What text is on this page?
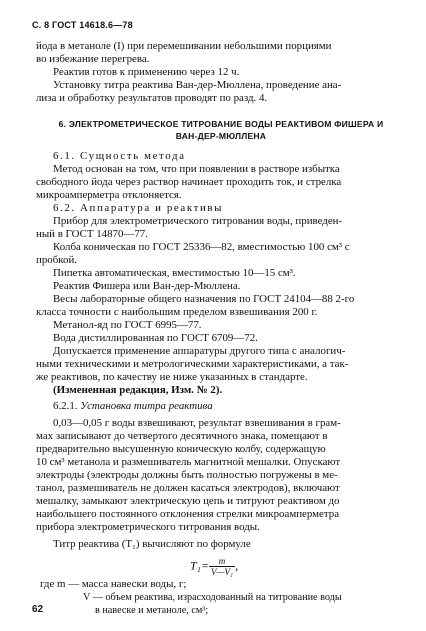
С. 8 ГОСТ 14618.6—78
йода в метаноле (I) при перемешивании небольшими порциями
во избежание перегрева.
Реактив готов к применению через 12 ч.
Установку титра реактива Ван-дер-Мюллена, проведение ана-
лиза и обработку результатов проводят по разд. 4.
6. ЭЛЕКТРОМЕТРИЧЕСКОЕ ТИТРОВАНИЕ ВОДЫ РЕАКТИВОМ ФИШЕРА И
ВАН-ДЕР-МЮЛЛЕНА
6.1. Сущность метода
Метод основан на том, что при появлении в растворе избытка
свободного йода через раствор начинает проходить ток, и стрелка
микроамперметра отклоняется.
6.2. Аппаратура и реактивы
Прибор для электрометрического титрования воды, приведен-
ный в ГОСТ 14870—77.
Колба коническая по ГОСТ 25336—82, вместимостью 100 см³ с
пробкой.
Пипетка автоматическая, вместимостью 10—15 см³.
Реактив Фишера или Ван-дер-Мюллена.
Весы лабораторные общего назначения по ГОСТ 24104—88 2-го
класса точности с наибольшим пределом взвешивания 200 г.
Метанол-яд по ГОСТ 6995—77.
Вода дистиллированная по ГОСТ 6709—72.
Допускается применение аппаратуры другого типа с аналогич-
ными техническими и метрологическими характеристиками, а так-
же реактивов, по качеству не ниже указанных в стандарте.
(Измененная редакция, Изм. № 2).
6.2.1. Установка титра реактива
0,03—0,05 г воды взвешивают, результат взвешивания в грам-
мах записывают до четвертого десятичного знака, помещают в
предварительно высушенную коническую колбу, содержащую
10 см³ метанола и размешиватель магнитной мешалки. Опускают
электроды (электроды должны быть полностью погружены в ме-
танол, размешиватель не должен касаться электродов), включают
мешалку, замыкают электрическую цепь и титруют реактивом до
наибольшего постоянного отклонения стрелки микроамперметра
прибора электрометрического титрования воды.
Титр реактива (T₁) вычисляют по формуле
$T_1= \frac{m}{\text{V—V₁}}$ ,
где m — масса навески воды, г;
V — объем реактива, израсходованный на титрование воды
62	в навеске и метаноле, см³;
